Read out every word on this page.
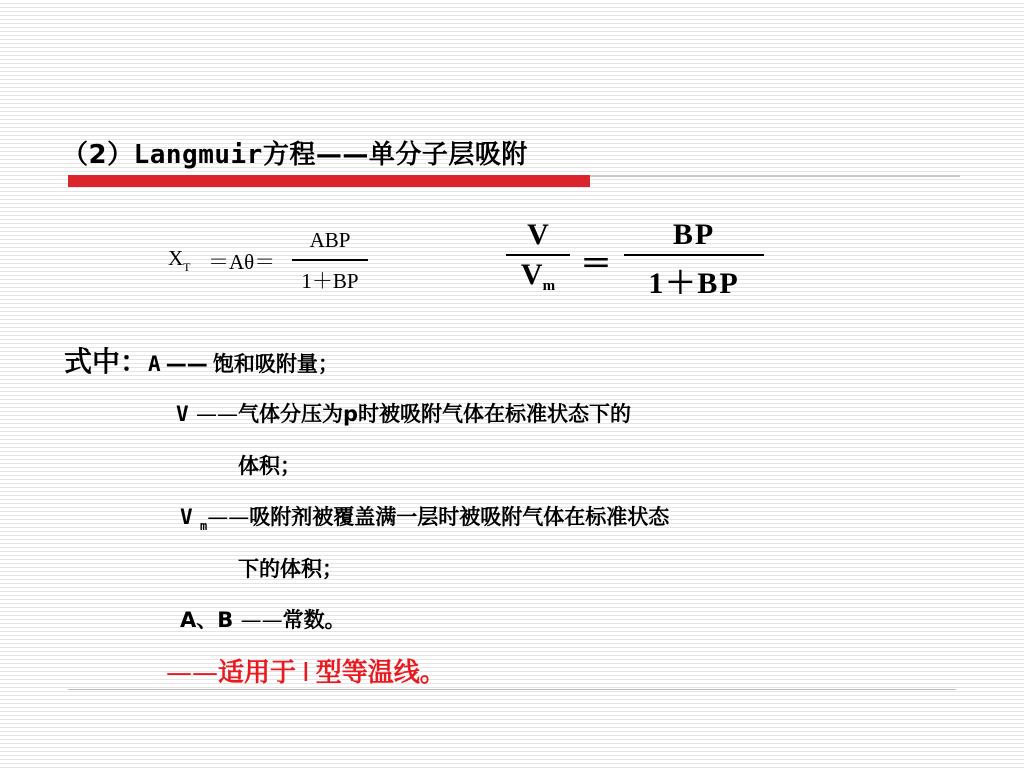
（2）Langmuir方程——单分子层吸附
$X_T =A\theta=$
ABP
1＋BP
V
$V_m$
＝
BP
1＋BP
式中：A —— 饱和吸附量；
V ——气体分压为p时被吸附气体在标准状态下的
体积；
V $_m$——吸附剂被覆盖满一层时被吸附气体在标准状态
下的体积；
A、B ——常数。
——适用于 Ⅰ 型等温线。
